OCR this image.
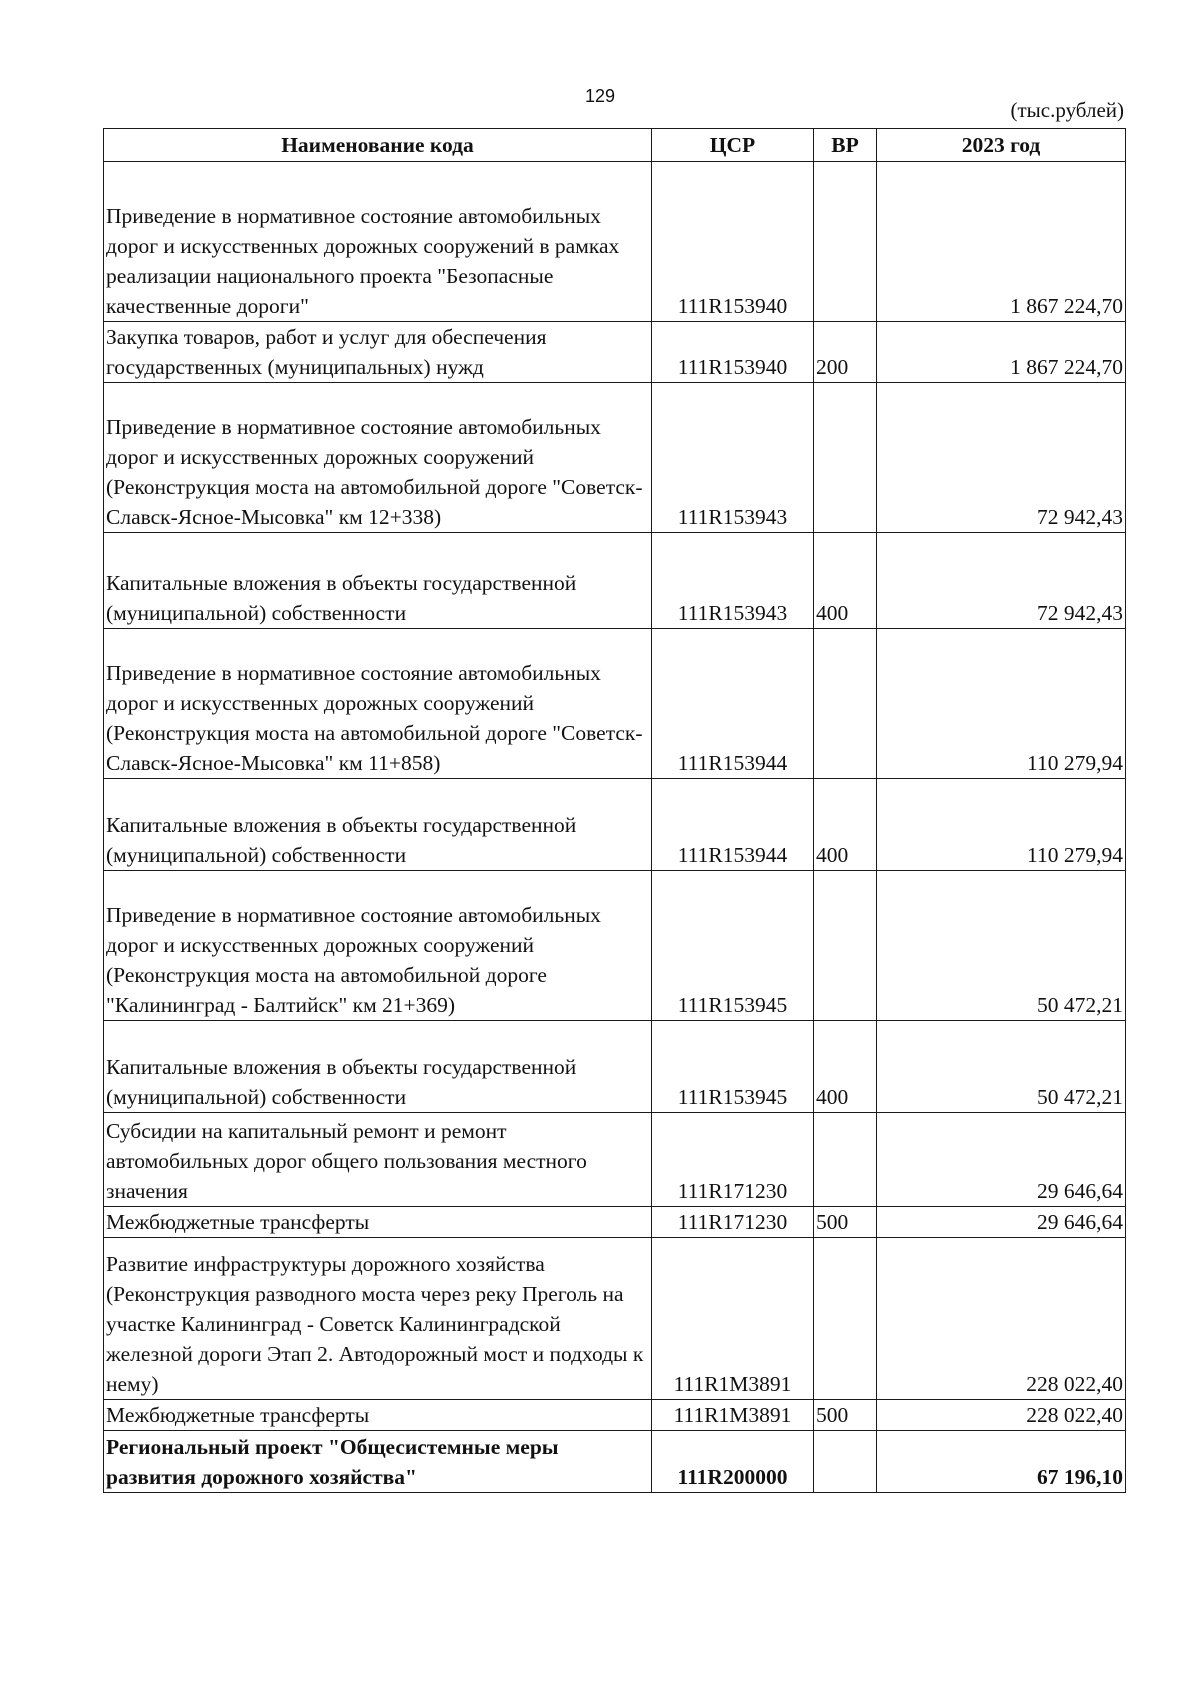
129
(тыс.рублей)
Наименование кода	ЦСР	ВР	2023 год
Приведение в нормативное состояние автомобильных дорог и искусственных дорожных сооружений в рамках реализации национального проекта "Безопасные качественные дороги"	111R153940		1 867 224,70
Закупка товаров, работ и услуг для обеспечения государственных (муниципальных) нужд	111R153940	200	1 867 224,70
Приведение в нормативное состояние автомобильных дорог и искусственных дорожных сооружений (Реконструкция моста на автомобильной дороге "Советск-Славск-Ясное-Мысовка" км 12+338)	111R153943		72 942,43
Капитальные вложения в объекты государственной (муниципальной) собственности	111R153943	400	72 942,43
Приведение в нормативное состояние автомобильных дорог и искусственных дорожных сооружений (Реконструкция моста на автомобильной дороге "Советск-Славск-Ясное-Мысовка" км 11+858)	111R153944		110 279,94
Капитальные вложения в объекты государственной (муниципальной) собственности	111R153944	400	110 279,94
Приведение в нормативное состояние автомобильных дорог и искусственных дорожных сооружений (Реконструкция моста на автомобильной дороге "Калининград - Балтийск" км 21+369)	111R153945		50 472,21
Капитальные вложения в объекты государственной (муниципальной) собственности	111R153945	400	50 472,21
Субсидии на капитальный ремонт и ремонт автомобильных дорог общего пользования местного значения	111R171230		29 646,64
Межбюджетные трансферты	111R171230	500	29 646,64
Развитие инфраструктуры дорожного хозяйства (Реконструкция разводного моста через реку Преголь на участке Калининград - Советск Калининградской железной дороги Этап 2. Автодорожный мост и подходы к нему)	111R1M3891		228 022,40
Межбюджетные трансферты	111R1M3891	500	228 022,40
Региональный проект "Общесистемные меры развития дорожного хозяйства"	111R200000		67 196,10
